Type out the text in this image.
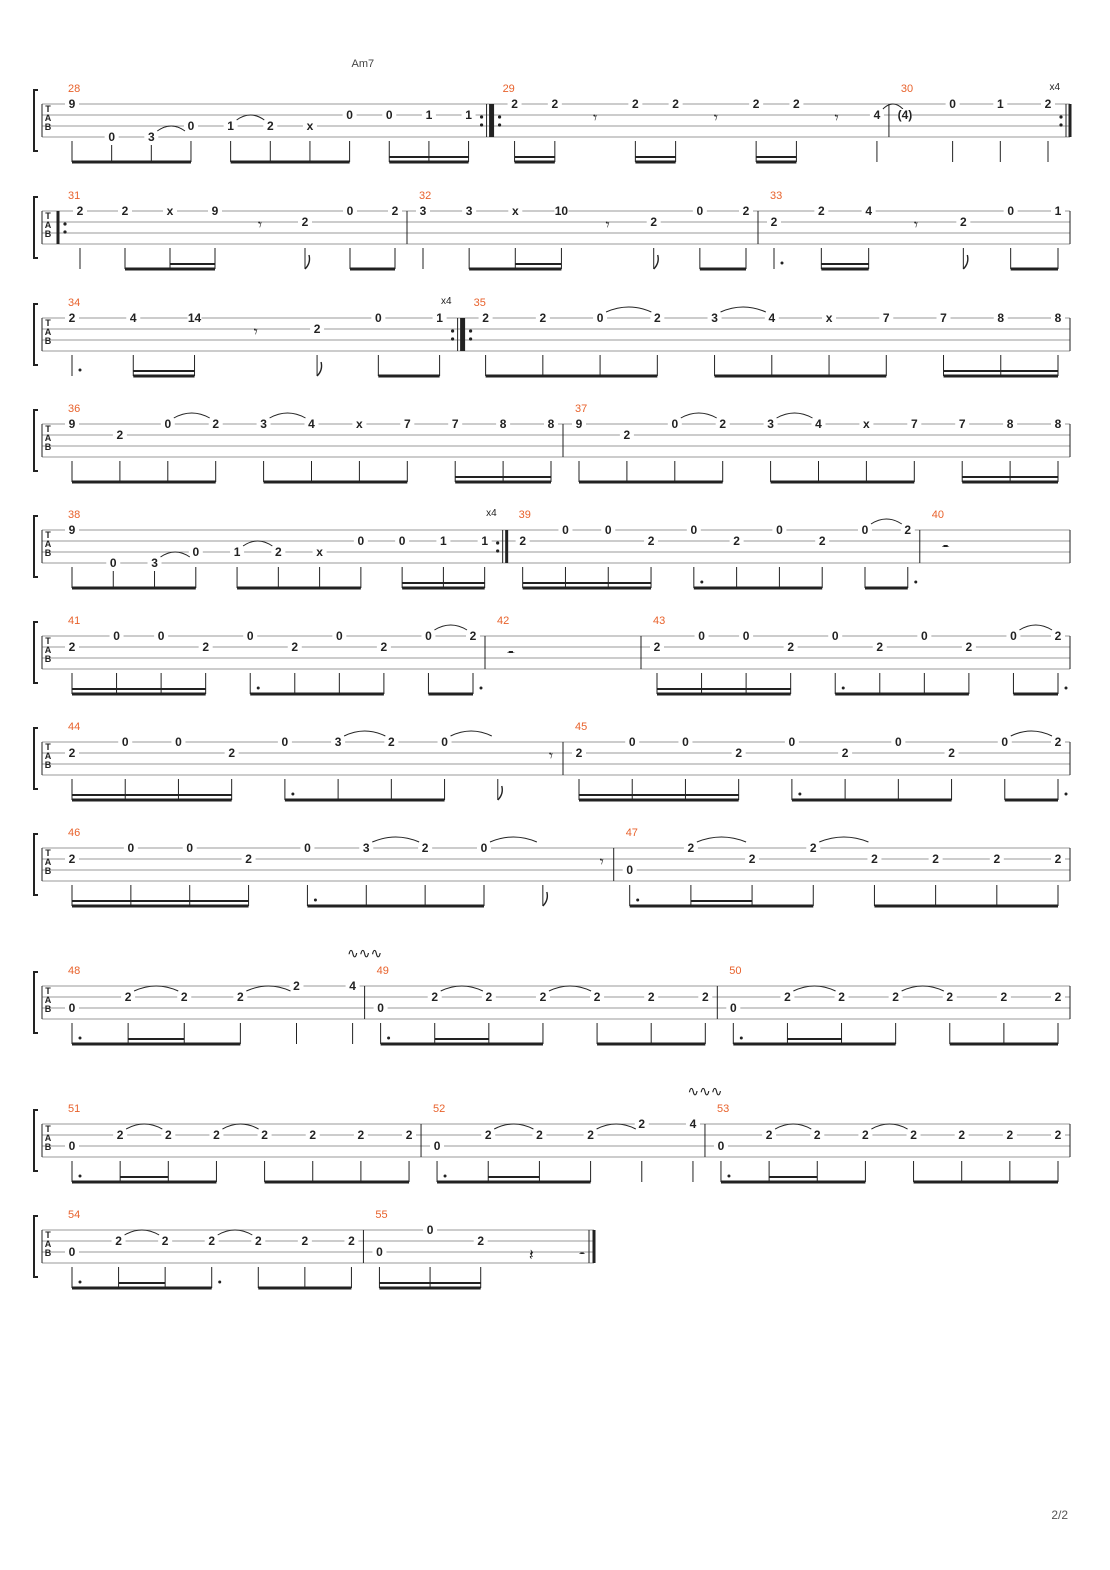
T
A
B
28
Am7
9
0	3
0	1	2	x
0	0	1	1
29
2	2
𝄾
2	2
𝄾
2	2
𝄾	4
30	x4
(4)
0	1	2
T
A
B
31
2	2	x	9
𝄾	2
0	2
32
3	3	x	10
𝄾	2
0	2
33
2
2	4
𝄾	2
0	1
T
A
B
34	x4
2	4	14
𝄾	2
0	1
35
2	2	0	2	3	4	x	7	7	8	8
T
A
B
36
9
2
0	2	3	4	x	7	7	8	8
37
9
2
0	2	3	4	x	7	7	8	8
T
A
B
38	x4
9
0	3
0	1	2	x
0	0	1	1
39
2
0	0
2
0
2
0
2
0	2
40
𝄼
T
A
B
41
2
0	0
2
0
2
0
2
0	2
42
𝄼
43
2
0	0
2
0
2
0
2
0	2
T
A
B
44
2
0	0
2
0	3	2	0
𝄾
45
2
0	0
2
0
2
0
2
0	2
T
A
B
46
2
0	0
2
0	3	2	0
𝄾
47
0
2
2
2
2	2	2	2
T
A
B
48
0
2	2	2
2	4
∿∿∿
49
0
2	2	2	2	2	2
50
0
2	2	2	2	2	2
T
A
B
51
0
2	2	2	2	2	2	2
52
0
2	2	2
2	4
∿∿∿
53
0
2	2	2	2	2	2	2
T
A
B
54
0
2	2	2	2	2	2
55
0
0
2
𝄽	𝄼
2/2
